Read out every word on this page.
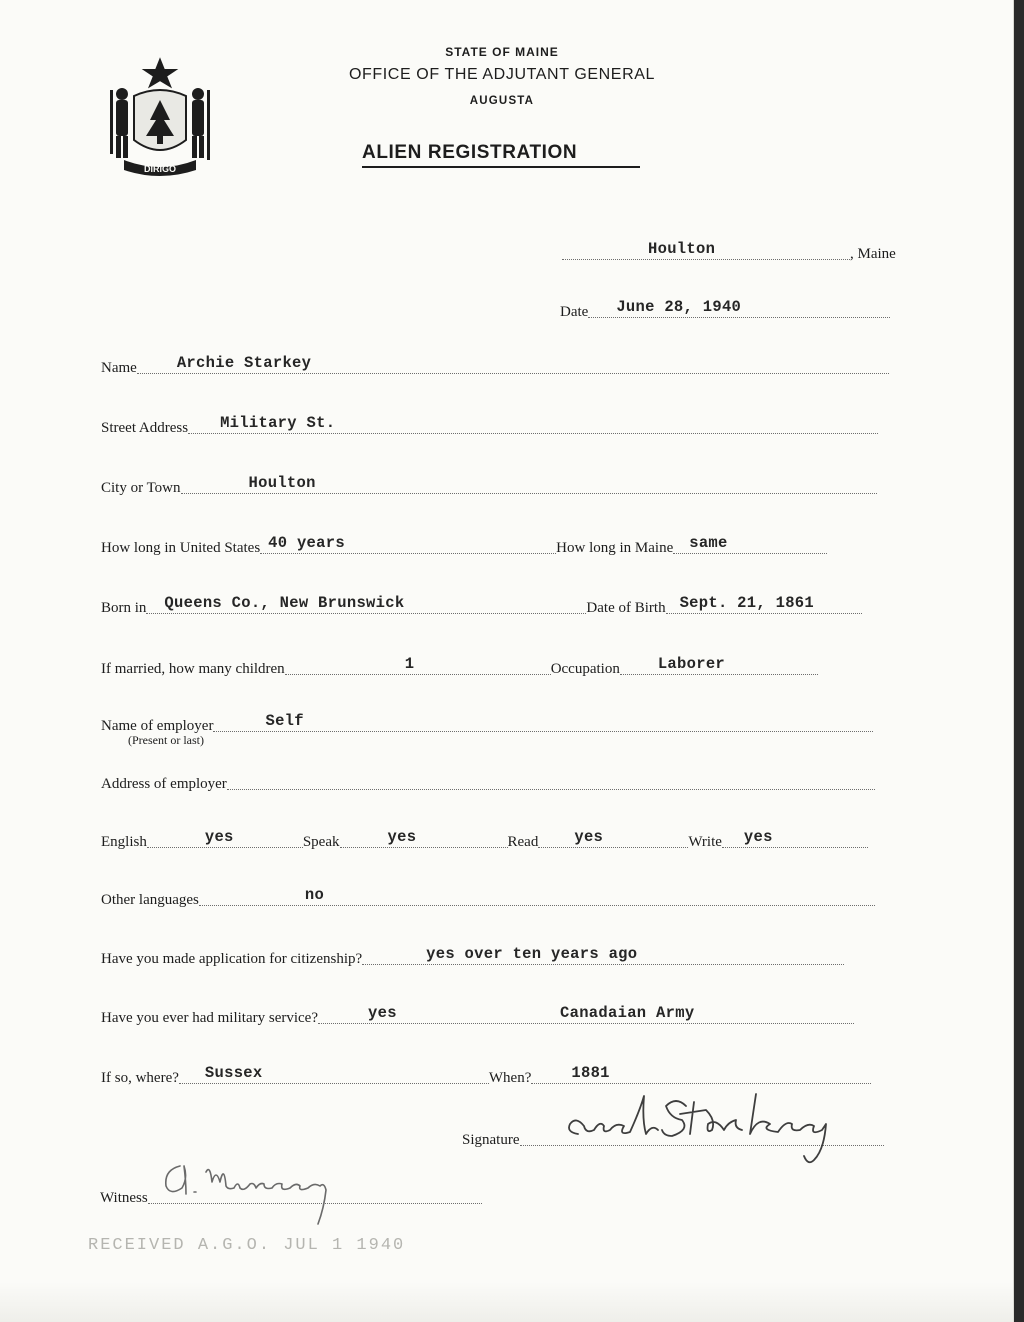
DIRIGO
STATE OF MAINE
OFFICE OF THE ADJUTANT GENERAL
AUGUSTA
ALIEN REGISTRATION
Houlton	, Maine
Date June 28, 1940
Name	Archie Starkey
Street Address Military St.
City or Town	Houlton
How long in United States 40 years	How long in Maine same
Born in Queens Co., New Brunswick	Date of Birth Sept. 21, 1861
If married, how many children	1	Occupation Laborer
Name of employer	Self
(Present or last)
Address of employer
English	yes	Speak	yes	Read yes	Write yes
Other languages	no
Have you made application for citizenship?	yes over ten years ago
Have you ever had military service?	yes	Canadaian Army
If so, where? Sussex	When?	1881
Signature
Witness
RECEIVED A.G.O. JUL 1 1940
